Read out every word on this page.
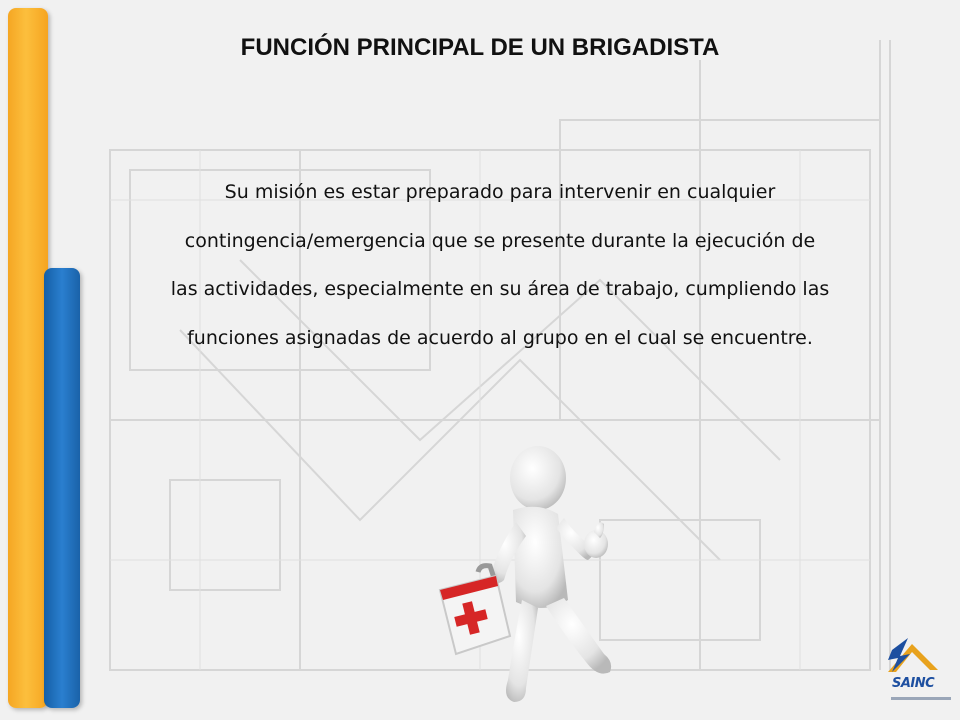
FUNCIÓN PRINCIPAL DE UN BRIGADISTA
Su misión es estar preparado para intervenir en cualquier contingencia/emergencia que se presente durante la ejecución de las actividades, especialmente en su área de trabajo, cumpliendo las funciones asignadas de acuerdo al grupo en el cual se encuentre.
SAINC
